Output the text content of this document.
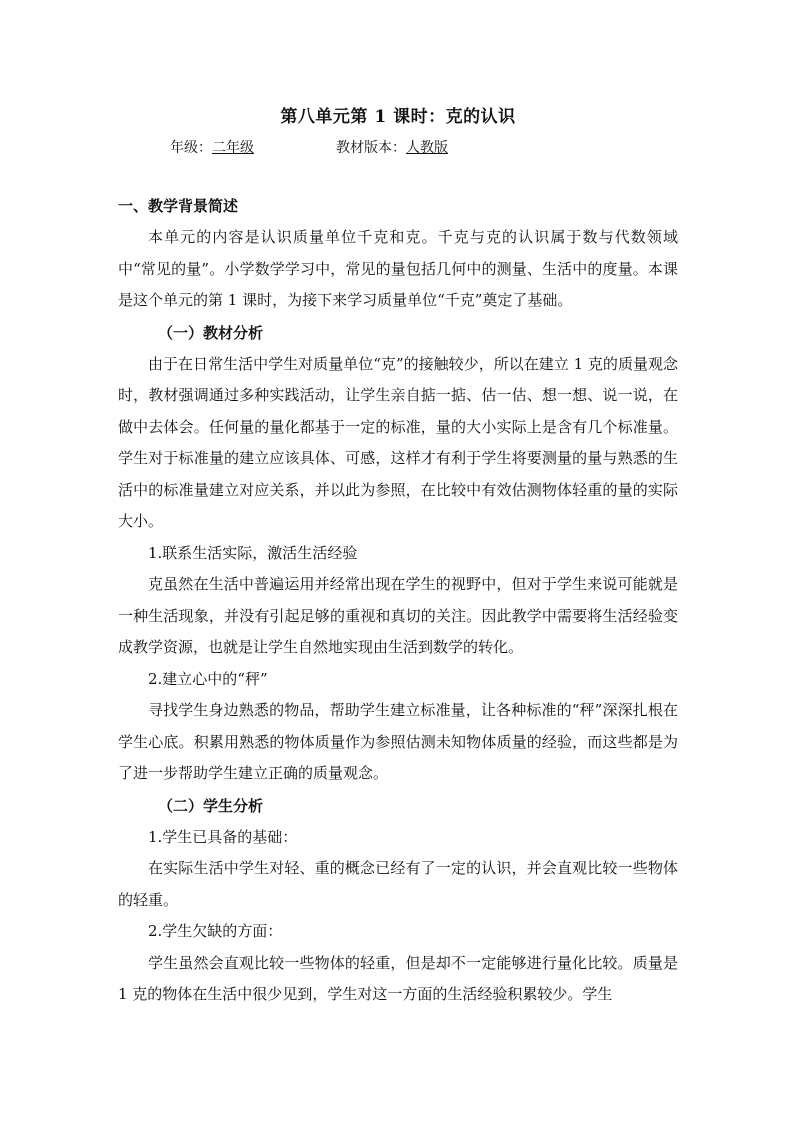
第八单元第 1 课时：克的认识
年级：二年级	教材版本：人教版
一、教学背景简述

本单元的内容是认识质量单位千克和克。千克与克的认识属于数与代数领域中“常见的量”。小学数学学习中，常见的量包括几何中的测量、生活中的度量。本课是这个单元的第 1 课时，为接下来学习质量单位“千克”奠定了基础。

（一）教材分析

由于在日常生活中学生对质量单位“克”的接触较少，所以在建立 1 克的质量观念时，教材强调通过多种实践活动，让学生亲自掂一掂、估一估、想一想、说一说，在做中去体会。任何量的量化都基于一定的标准，量的大小实际上是含有几个标准量。学生对于标准量的建立应该具体、可感，这样才有利于学生将要测量的量与熟悉的生活中的标准量建立对应关系，并以此为参照，在比较中有效估测物体轻重的量的实际大小。

1.联系生活实际，激活生活经验

克虽然在生活中普遍运用并经常出现在学生的视野中，但对于学生来说可能就是一种生活现象，并没有引起足够的重视和真切的关注。因此教学中需要将生活经验变成教学资源，也就是让学生自然地实现由生活到数学的转化。

2.建立心中的“秤”

寻找学生身边熟悉的物品，帮助学生建立标准量，让各种标准的“秤”深深扎根在学生心底。积累用熟悉的物体质量作为参照估测未知物体质量的经验，而这些都是为了进一步帮助学生建立正确的质量观念。

（二）学生分析

1.学生已具备的基础：

在实际生活中学生对轻、重的概念已经有了一定的认识，并会直观比较一些物体的轻重。

2.学生欠缺的方面：

学生虽然会直观比较一些物体的轻重，但是却不一定能够进行量化比较。质量是 1 克的物体在生活中很少见到，学生对这一方面的生活经验积累较少。学生
